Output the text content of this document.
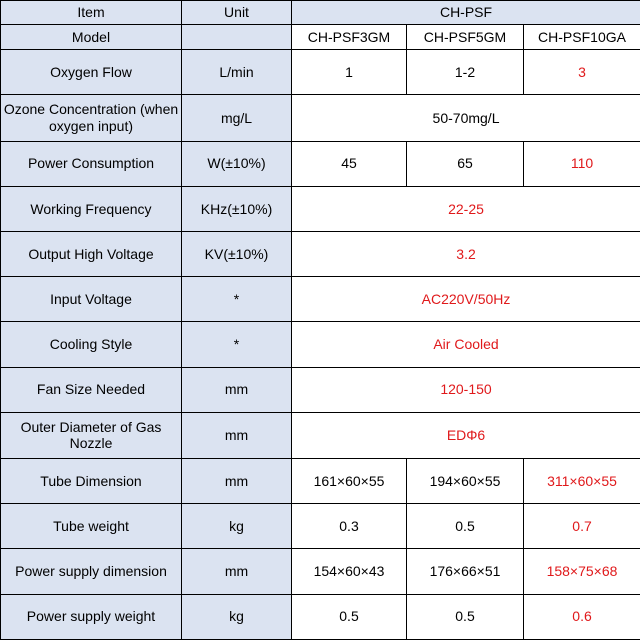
Item	Unit	CH-PSF		
Model		CH-PSF3GM	CH-PSF5GM	CH-PSF10GA
Oxygen Flow	L/min	1	1-2	3
Ozone Concentration (when oxygen input)	mg/L	50-70mg/L		
Power Consumption	W(±10%)	45	65	110
Working Frequency	KHz(±10%)	22-25		
Output High Voltage	KV(±10%)	3.2		
Input Voltage	*	AC220V/50Hz		
Cooling Style	*	Air Cooled		
Fan Size Needed	mm	120-150		
Outer Diameter of Gas Nozzle	mm	EDΦ6		
Tube Dimension	mm	161×60×55	194×60×55	311×60×55
Tube weight	kg	0.3	0.5	0.7
Power supply dimension	mm	154×60×43	176×66×51	158×75×68
Power supply weight	kg	0.5	0.5	0.6
